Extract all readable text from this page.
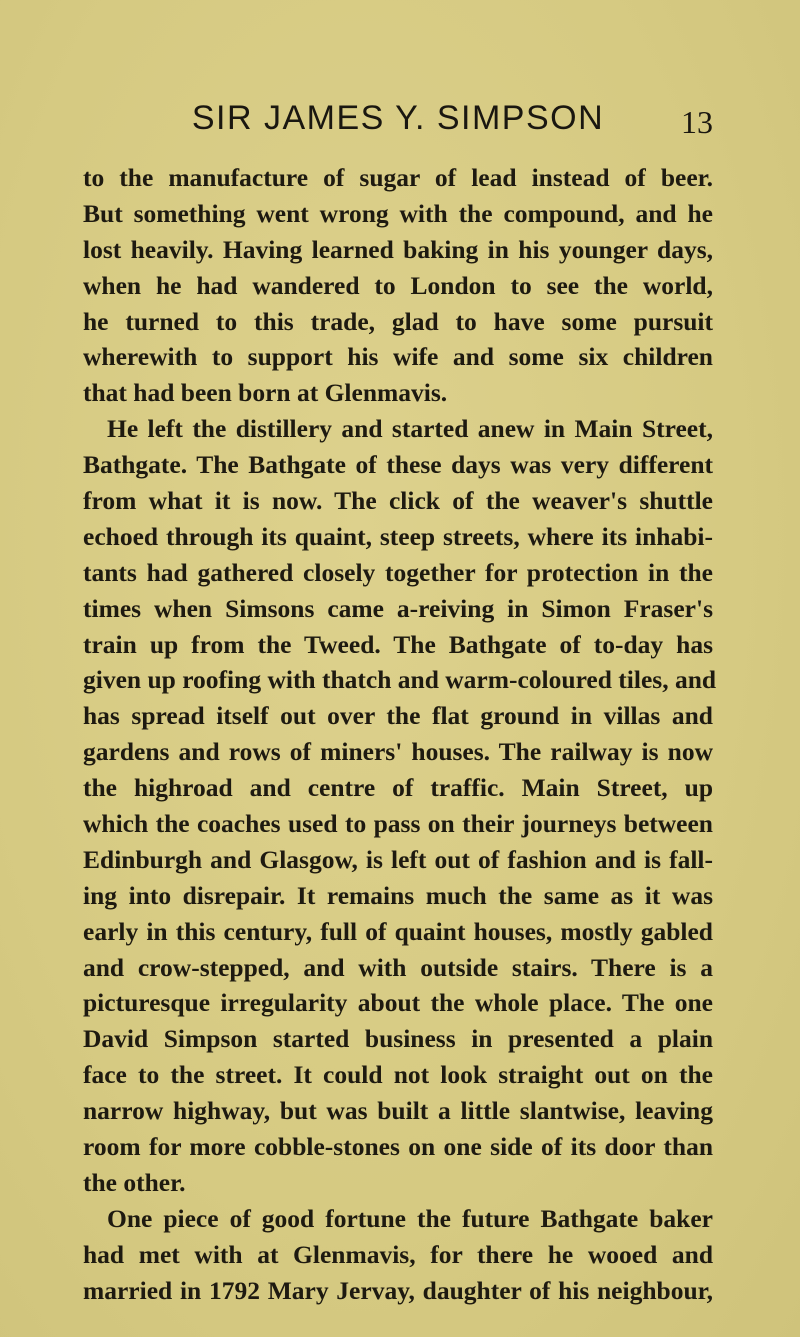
SIR JAMES Y. SIMPSON	13
to the manufacture of sugar of lead instead of beer.
But something went wrong with the compound, and he
lost heavily. Having learned baking in his younger days,
when he had wandered to London to see the world,
he turned to this trade, glad to have some pursuit
wherewith to support his wife and some six children
that had been born at Glenmavis.
He left the distillery and started anew in Main Street,
Bathgate. The Bathgate of these days was very different
from what it is now. The click of the weaver's shuttle
echoed through its quaint, steep streets, where its inhabi-
tants had gathered closely together for protection in the
times when Simsons came a-reiving in Simon Fraser's
train up from the Tweed. The Bathgate of to-day has
given up roofing with thatch and warm-coloured tiles, and
has spread itself out over the flat ground in villas and
gardens and rows of miners' houses. The railway is now
the highroad and centre of traffic. Main Street, up
which the coaches used to pass on their journeys between
Edinburgh and Glasgow, is left out of fashion and is fall-
ing into disrepair. It remains much the same as it was
early in this century, full of quaint houses, mostly gabled
and crow-stepped, and with outside stairs. There is a
picturesque irregularity about the whole place. The one
David Simpson started business in presented a plain
face to the street. It could not look straight out on the
narrow highway, but was built a little slantwise, leaving
room for more cobble-stones on one side of its door than
the other.
One piece of good fortune the future Bathgate baker
had met with at Glenmavis, for there he wooed and
married in 1792 Mary Jervay, daughter of his neighbour,
